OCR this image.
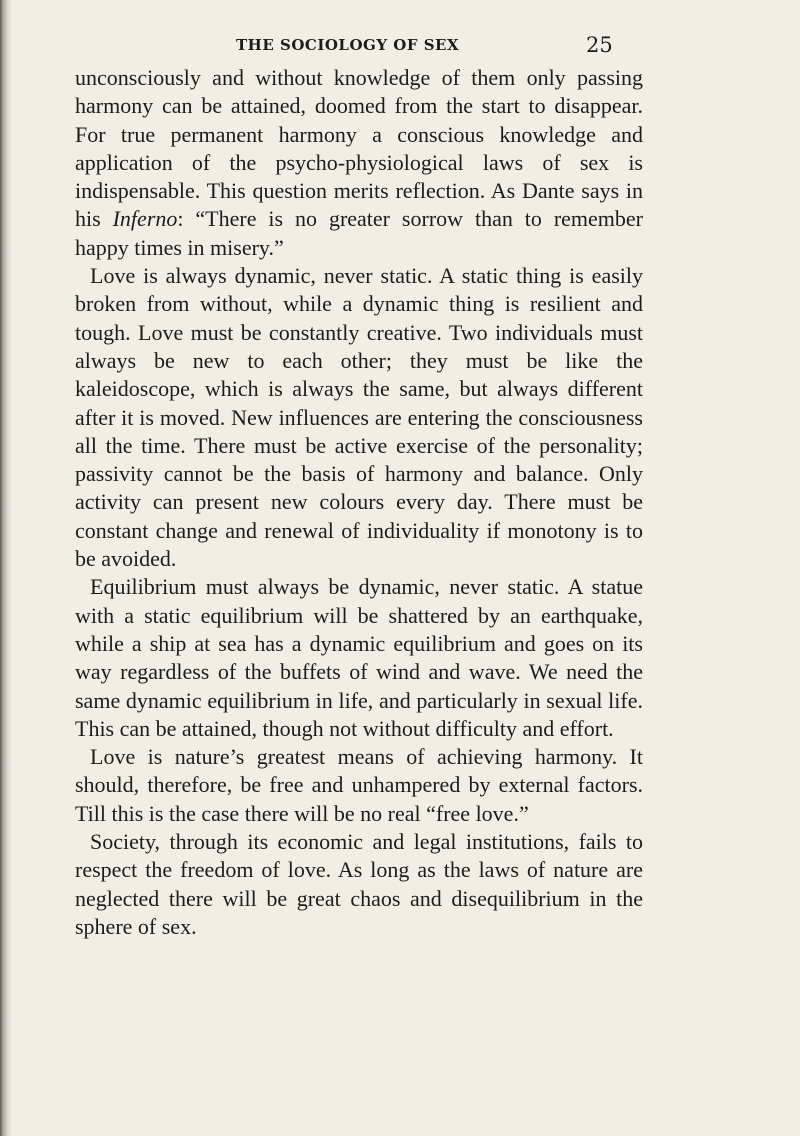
THE SOCIOLOGY OF SEX	25

unconsciously and without knowledge of them only passing harmony can be attained, doomed from the start to disappear. For true permanent harmony a conscious knowledge and application of the psycho-physiological laws of sex is indispensable. This question merits reflection. As Dante says in his Inferno: “There is no greater sorrow than to remember happy times in misery.”

Love is always dynamic, never static. A static thing is easily broken from without, while a dynamic thing is resilient and tough. Love must be constantly creative. Two individuals must always be new to each other; they must be like the kaleidoscope, which is always the same, but always different after it is moved. New influences are entering the consciousness all the time. There must be active exercise of the personality; passivity cannot be the basis of harmony and balance. Only activity can present new colours every day. There must be constant change and renewal of individuality if monotony is to be avoided.

Equilibrium must always be dynamic, never static. A statue with a static equilibrium will be shattered by an earthquake, while a ship at sea has a dynamic equilibrium and goes on its way regardless of the buffets of wind and wave. We need the same dynamic equilibrium in life, and particularly in sexual life. This can be attained, though not without difficulty and effort.

Love is nature’s greatest means of achieving harmony. It should, therefore, be free and unhampered by external factors. Till this is the case there will be no real “free love.”

Society, through its economic and legal institutions, fails to respect the freedom of love. As long as the laws of nature are neglected there will be great chaos and disequilibrium in the sphere of sex.
